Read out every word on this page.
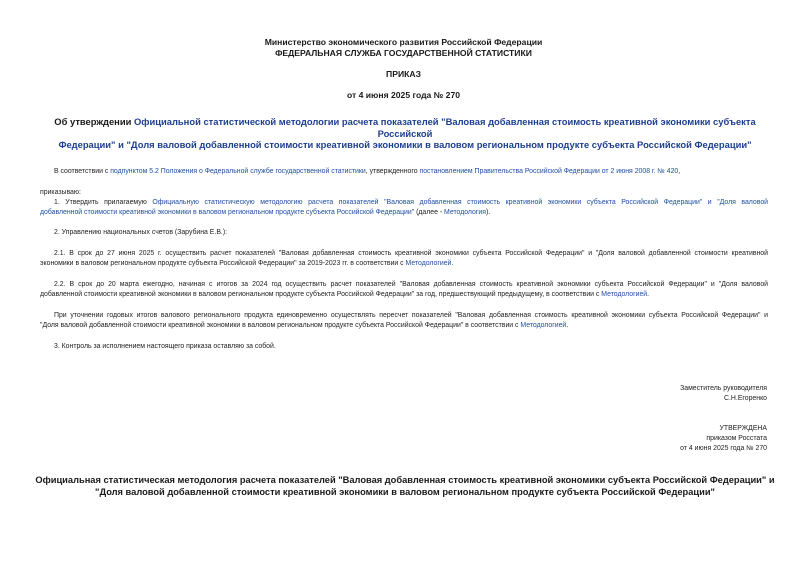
Министерство экономического развития Российской Федерации
ФЕДЕРАЛЬНАЯ СЛУЖБА ГОСУДАРСТВЕННОЙ СТАТИСТИКИ
ПРИКАЗ
от 4 июня 2025 года № 270
Об утверждении Официальной статистической методологии расчета показателей "Валовая добавленная стоимость креативной экономики субъекта Российской
Федерации" и "Доля валовой добавленной стоимости креативной экономики в валовом региональном продукте субъекта Российской Федерации"
В соответствии с подпунктом 5.2 Положения о Федеральной службе государственной статистики, утвержденного постановлением Правительства Российской Федерации от 2 июня 2008 г. № 420,
приказываю:
1. Утвердить прилагаемую Официальную статистическую методологию расчета показателей "Валовая добавленная стоимость креативной экономики субъекта Российской Федерации" и "Доля валовой
добавленной стоимости креативной экономики в валовом региональном продукте субъекта Российской Федерации" (далее - Методология).
2. Управлению национальных счетов (Зарубина Е.В.):
2.1. В срок до 27 июня 2025 г. осуществить расчет показателей "Валовая добавленная стоимость креативной экономики субъекта Российской Федерации" и "Доля валовой добавленной стоимости креативной
экономики в валовом региональном продукте субъекта Российской Федерации" за 2019-2023 гг. в соответствии с Методологией.
2.2. В срок до 20 марта ежегодно, начиная с итогов за 2024 год осуществить расчет показателей "Валовая добавленная стоимость креативной экономики субъекта Российской Федерации" и "Доля валовой
добавленной стоимости креативной экономики в валовом региональном продукте субъекта Российской Федерации" за год, предшествующий предыдущему, в соответствии с Методологией.
При уточнении годовых итогов валового регионального продукта единовременно осуществлять пересчет показателей "Валовая добавленная стоимость креативной экономики субъекта Российской Федерации" и
"Доля валовой добавленной стоимости креативной экономики в валовом региональном продукте субъекта Российской Федерации" в соответствии с Методологией.
3. Контроль за исполнением настоящего приказа оставляю за собой.
Заместитель руководителя
С.Н.Егоренко
УТВЕРЖДЕНА
приказом Росстата
от 4 июня 2025 года № 270
Официальная статистическая методология расчета показателей "Валовая добавленная стоимость креативной экономики субъекта Российской Федерации" и
"Доля валовой добавленной стоимости креативной экономики в валовом региональном продукте субъекта Российской Федерации"
